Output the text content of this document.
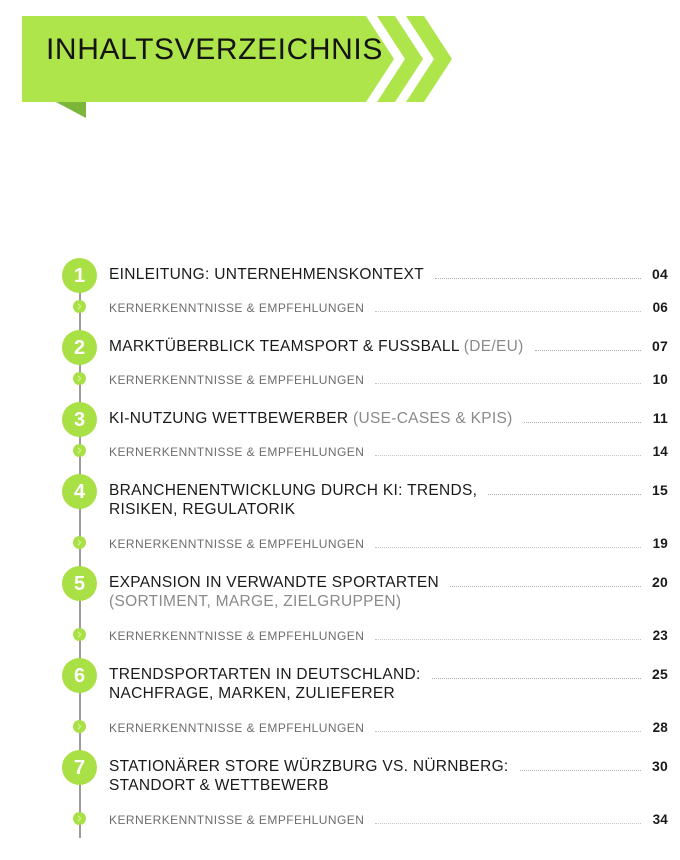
INHALTSVERZEICHNIS
1	EINLEITUNG: UNTERNEHMENSKONTEXT	04
KERNERKENNTNISSE & EMPFEHLUNGEN	06
2	MARKTÜBERBLICK TEAMSPORT & FUSSBALL (DE/EU)	07
KERNERKENNTNISSE & EMPFEHLUNGEN	10
3	KI-NUTZUNG WETTBEWERBER (USE-CASES & KPIS)	11
KERNERKENNTNISSE & EMPFEHLUNGEN	14
4	BRANCHENENTWICKLUNG DURCH KI: TRENDS,	15
RISIKEN, REGULATORIK
KERNERKENNTNISSE & EMPFEHLUNGEN	19
5	EXPANSION IN VERWANDTE SPORTARTEN	20
(SORTIMENT, MARGE, ZIELGRUPPEN)
KERNERKENNTNISSE & EMPFEHLUNGEN	23
6	TRENDSPORTARTEN IN DEUTSCHLAND:	25
NACHFRAGE, MARKEN, ZULIEFERER
KERNERKENNTNISSE & EMPFEHLUNGEN	28
7	STATIONÄRER STORE WÜRZBURG VS. NÜRNBERG:	30
STANDORT & WETTBEWERB
KERNERKENNTNISSE & EMPFEHLUNGEN	34
